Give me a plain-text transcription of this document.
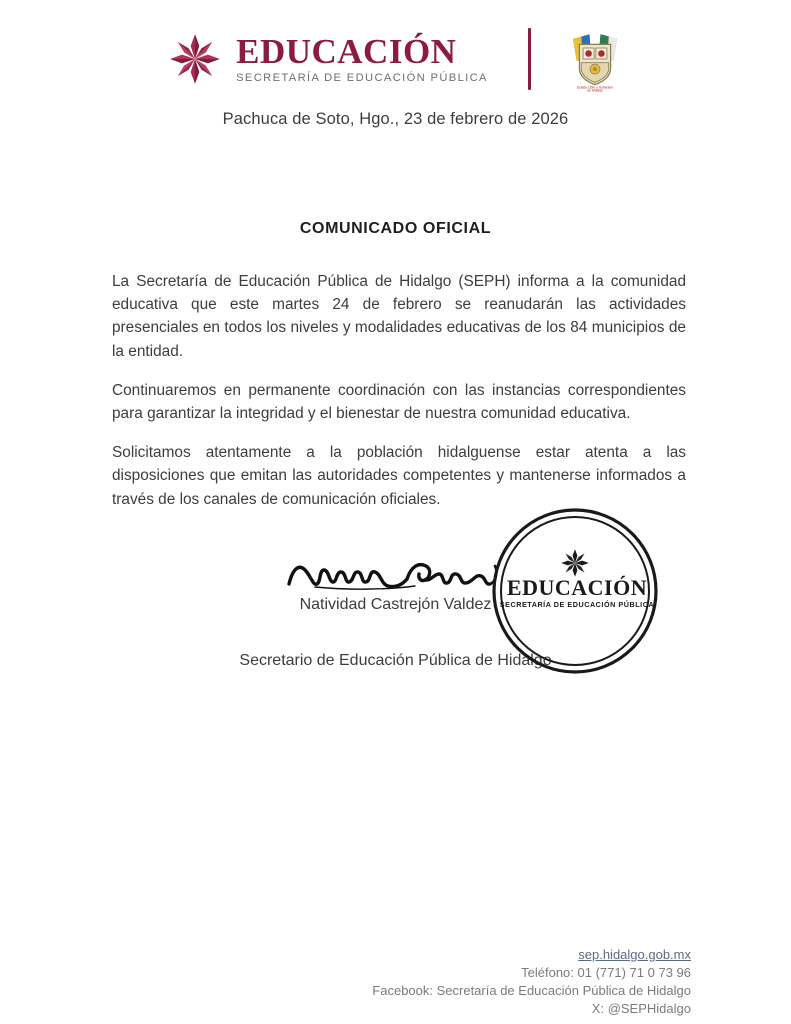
EDUCACIÓN
SECRETARÍA DE EDUCACIÓN PÚBLICA
Estado Libre y Soberano
de Hidalgo
Pachuca de Soto, Hgo., 23 de febrero de 2026
COMUNICADO OFICIAL

La Secretaría de Educación Pública de Hidalgo (SEPH) informa a la comunidad educativa que este martes 24 de febrero se reanudarán las actividades presenciales en todos los niveles y modalidades educativas de los 84 municipios de la entidad.

Continuaremos en permanente coordinación con las instancias correspondientes para garantizar la integridad y el bienestar de nuestra comunidad educativa.

Solicitamos atentamente a la población hidalguense estar atenta a las disposiciones que emitan las autoridades competentes y mantenerse informados a través de los canales de comunicación oficiales.

Natividad Castrejón Valdez
Secretario de Educación Pública de Hidalgo
EDUCACIÓN
SECRETARÍA DE EDUCACIÓN PÚBLICA
sep.hidalgo.gob.mx
Teléfono: 01 (771) 71 0 73 96
Facebook: Secretaría de Educación Pública de Hidalgo
X: @SEPHidalgo
